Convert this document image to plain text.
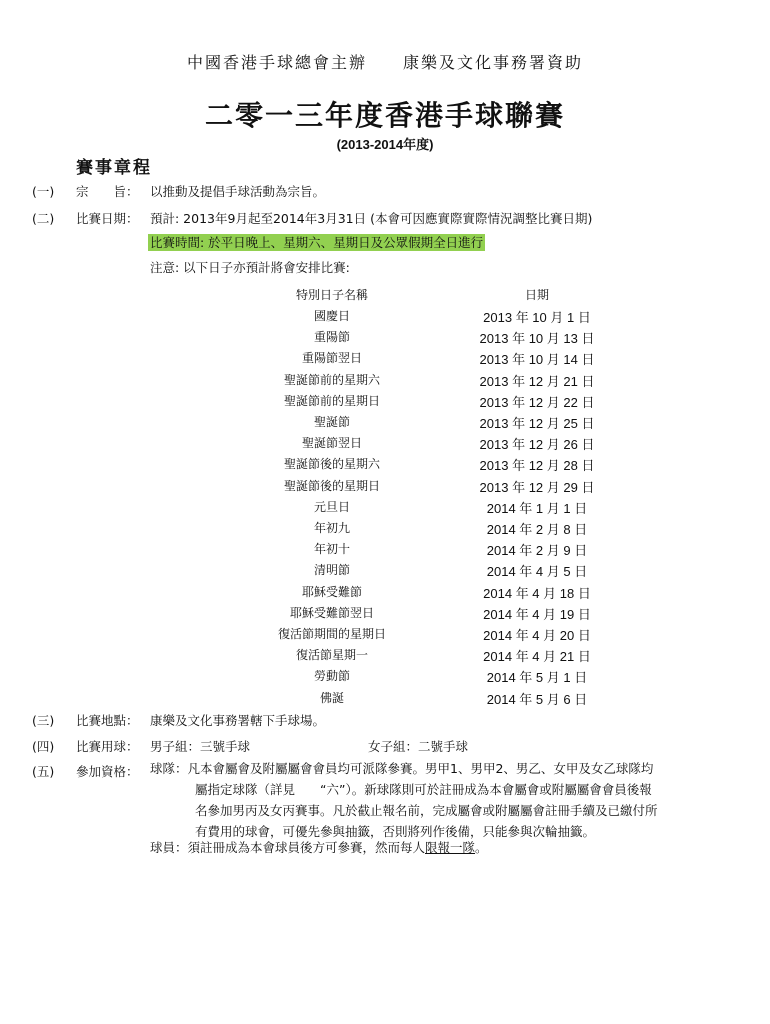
中國香港手球總會主辦 康樂及文化事務署資助
二零一三年度香港手球聯賽
(2013-2014年度)
賽事章程
(一) 宗　　旨： 以推動及提倡手球活動為宗旨。
(二) 比賽日期： 預計: 2013年9月起至2014年3月31日 (本會可因應實際實際情況調整比賽日期)
比賽時間: 於平日晚上、星期六、星期日及公眾假期全日進行
注意: 以下日子亦預計將會安排比賽:
特別日子名稱	日期
國慶日	2013 年 10 月 1 日
重陽節	2013 年 10 月 13 日
重陽節翌日	2013 年 10 月 14 日
聖誕節前的星期六	2013 年 12 月 21 日
聖誕節前的星期日	2013 年 12 月 22 日
聖誕節	2013 年 12 月 25 日
聖誕節翌日	2013 年 12 月 26 日
聖誕節後的星期六	2013 年 12 月 28 日
聖誕節後的星期日	2013 年 12 月 29 日
元旦日	2014 年 1 月 1 日
年初九	2014 年 2 月 8 日
年初十	2014 年 2 月 9 日
清明節	2014 年 4 月 5 日
耶穌受難節	2014 年 4 月 18 日
耶穌受難節翌日	2014 年 4 月 19 日
復活節期間的星期日	2014 年 4 月 20 日
復活節星期一	2014 年 4 月 21 日
勞動節	2014 年 5 月 1 日
佛誕	2014 年 5 月 6 日
(三) 比賽地點： 康樂及文化事務署轄下手球場。
(四) 比賽用球： 男子組：三號手球	女子組：二號手球
(五) 參加資格： 球隊：凡本會屬會及附屬屬會會員均可派隊參賽。男甲1、男甲2、男乙、女甲及女乙球隊均
屬指定球隊（詳見　　“六”）。新球隊則可於註冊成為本會屬會或附屬屬會會員後報
名參加男丙及女丙賽事。凡於截止報名前，完成屬會或附屬屬會註冊手續及已繳付所
有費用的球會，可優先參與抽籤，否則將列作後備，只能參與次輪抽籤。
球員：須註冊成為本會球員後方可參賽，然而每人限報一隊。
